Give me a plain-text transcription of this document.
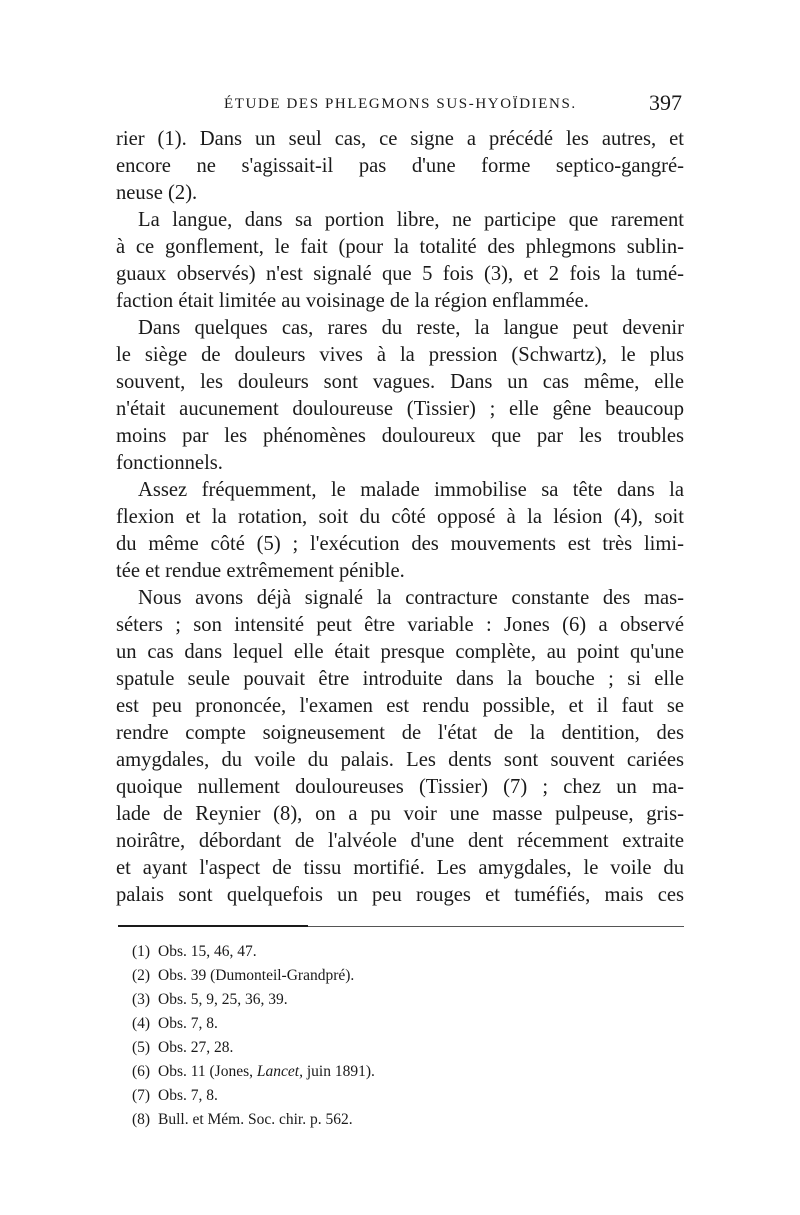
ÉTUDE DES PHLEGMONS SUS-HYOÏDIENS.	397
rier (1). Dans un seul cas, ce signe a précédé les autres, et
encore ne s'agissait-il pas d'une forme septico-gangré-
neuse (2).
La langue, dans sa portion libre, ne participe que rarement
à ce gonflement, le fait (pour la totalité des phlegmons sublin-
guaux observés) n'est signalé que 5 fois (3), et 2 fois la tumé-
faction était limitée au voisinage de la région enflammée.
Dans quelques cas, rares du reste, la langue peut devenir
le siège de douleurs vives à la pression (Schwartz), le plus
souvent, les douleurs sont vagues. Dans un cas même, elle
n'était aucunement douloureuse (Tissier) ; elle gêne beaucoup
moins par les phénomènes douloureux que par les troubles
fonctionnels.
Assez fréquemment, le malade immobilise sa tête dans la
flexion et la rotation, soit du côté opposé à la lésion (4), soit
du même côté (5) ; l'exécution des mouvements est très limi-
tée et rendue extrêmement pénible.
Nous avons déjà signalé la contracture constante des mas-
séters ; son intensité peut être variable : Jones (6) a observé
un cas dans lequel elle était presque complète, au point qu'une
spatule seule pouvait être introduite dans la bouche ; si elle
est peu prononcée, l'examen est rendu possible, et il faut se
rendre compte soigneusement de l'état de la dentition, des
amygdales, du voile du palais. Les dents sont souvent cariées
quoique nullement douloureuses (Tissier) (7) ; chez un ma-
lade de Reynier (8), on a pu voir une masse pulpeuse, gris-
noirâtre, débordant de l'alvéole d'une dent récemment extraite
et ayant l'aspect de tissu mortifié. Les amygdales, le voile du
palais sont quelquefois un peu rouges et tuméfiés, mais ces
(1) Obs. 15, 46, 47.
(2) Obs. 39 (Dumonteil-Grandpré).
(3) Obs. 5, 9, 25, 36, 39.
(4) Obs. 7, 8.
(5) Obs. 27, 28.
(6) Obs. 11 (Jones, Lancet, juin 1891).
(7) Obs. 7, 8.
(8) Bull. et Mém. Soc. chir. p. 562.
